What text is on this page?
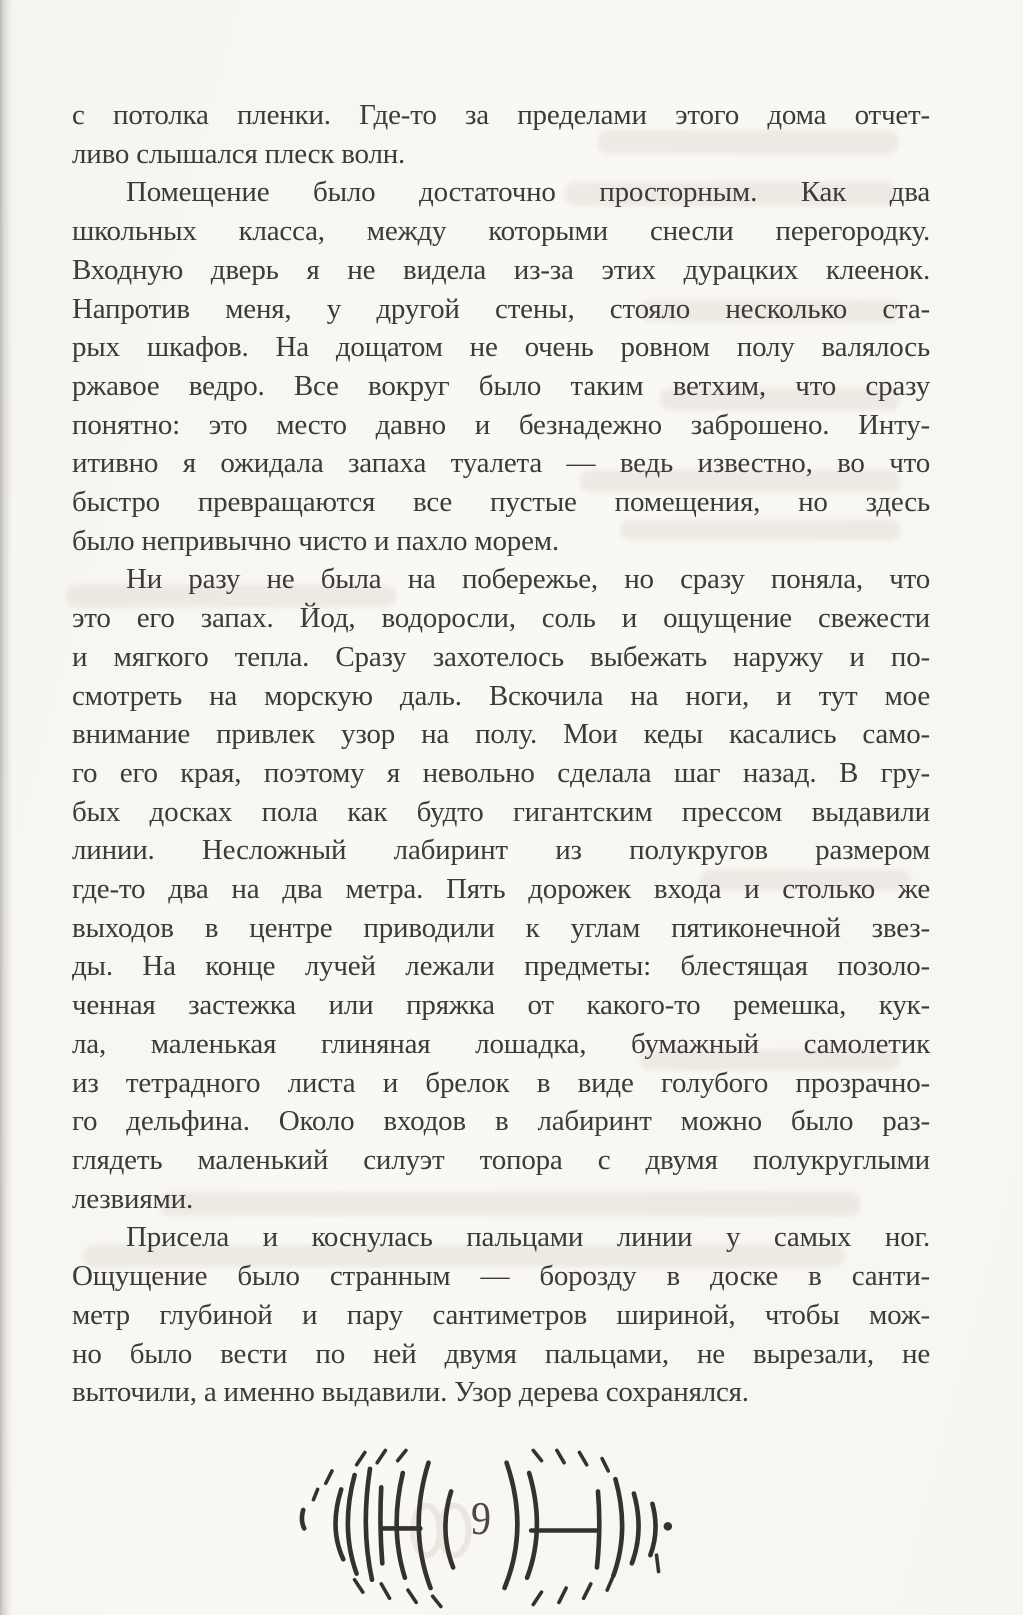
с потолка пленки. Где-то за пределами этого дома отчет-
ливо слышался плеск волн.
Помещение было достаточно просторным. Как два
школьных класса, между которыми снесли перегородку.
Входную дверь я не видела из-за этих дурацких клеенок.
Напротив меня, у другой стены, стояло несколько ста-
рых шкафов. На дощатом не очень ровном полу валялось
ржавое ведро. Все вокруг было таким ветхим, что сразу
понятно: это место давно и безнадежно заброшено. Инту-
итивно я ожидала запаха туалета — ведь известно, во что
быстро превращаются все пустые помещения, но здесь
было непривычно чисто и пахло морем.
Ни разу не была на побережье, но сразу поняла, что
это его запах. Йод, водоросли, соль и ощущение свежести
и мягкого тепла. Сразу захотелось выбежать наружу и по-
смотреть на морскую даль. Вскочила на ноги, и тут мое
внимание привлек узор на полу. Мои кеды касались само-
го его края, поэтому я невольно сделала шаг назад. В гру-
бых досках пола как будто гигантским прессом выдавили
линии. Несложный лабиринт из полукругов размером
где-то два на два метра. Пять дорожек входа и столько же
выходов в центре приводили к углам пятиконечной звез-
ды. На конце лучей лежали предметы: блестящая позоло-
ченная застежка или пряжка от какого-то ремешка, кук-
ла, маленькая глиняная лошадка, бумажный самолетик
из тетрадного листа и брелок в виде голубого прозрачно-
го дельфина. Около входов в лабиринт можно было раз-
глядеть маленький силуэт топора с двумя полукруглыми
лезвиями.
Присела и коснулась пальцами линии у самых ног.
Ощущение было странным — борозду в доске в санти-
метр глубиной и пару сантиметров шириной, чтобы мож-
но было вести по ней двумя пальцами, не вырезали, не
выточили, а именно выдавили. Узор дерева сохранялся.
9
